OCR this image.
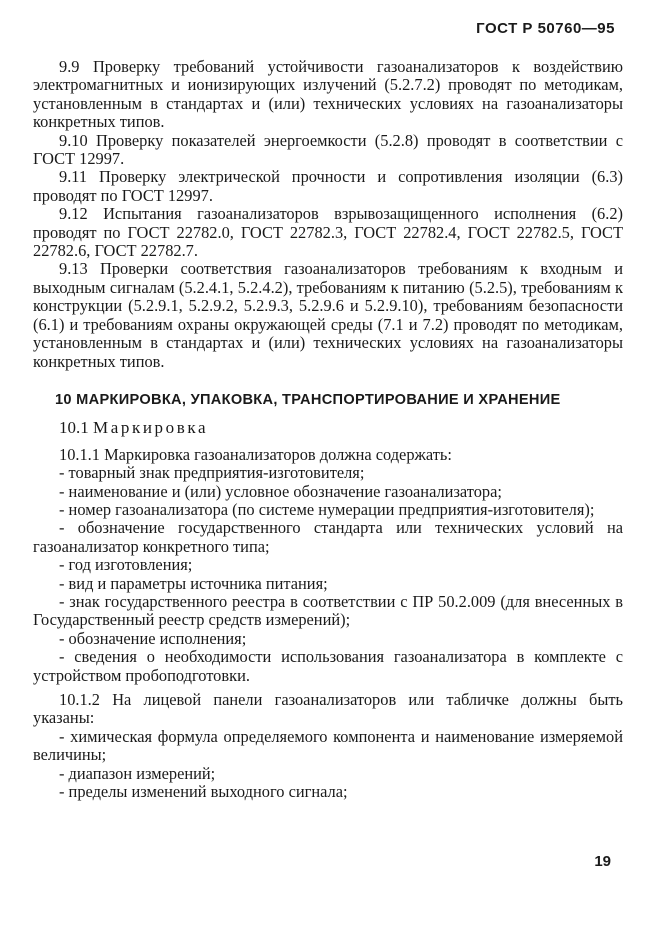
ГОСТ Р 50760—95

9.9 Проверку требований устойчивости газоанализаторов к воздействию электромагнитных и ионизирующих излучений (5.2.7.2) проводят по методикам, установленным в стандартах и (или) технических условиях на газоанализаторы конкретных типов.

9.10 Проверку показателей энергоемкости (5.2.8) проводят в соответствии с ГОСТ 12997.

9.11 Проверку электрической прочности и сопротивления изоляции (6.3) проводят по ГОСТ 12997.

9.12 Испытания газоанализаторов взрывозащищенного исполнения (6.2) проводят по ГОСТ 22782.0, ГОСТ 22782.3, ГОСТ 22782.4, ГОСТ 22782.5, ГОСТ 22782.6, ГОСТ 22782.7.

9.13 Проверки соответствия газоанализаторов требованиям к входным и выходным сигналам (5.2.4.1, 5.2.4.2), требованиям к питанию (5.2.5), требованиям к конструкции (5.2.9.1, 5.2.9.2, 5.2.9.3, 5.2.9.6 и 5.2.9.10), требованиям безопасности (6.1) и требованиям охраны окружающей среды (7.1 и 7.2) проводят по методикам, установленным в стандартах и (или) технических условиях на газоанализаторы конкретных типов.

10 МАРКИРОВКА, УПАКОВКА, ТРАНСПОРТИРОВАНИЕ И ХРАНЕНИЕ

10.1 Маркировка

10.1.1 Маркировка газоанализаторов должна содержать:

- товарный знак предприятия-изготовителя;

- наименование и (или) условное обозначение газоанализатора;

- номер газоанализатора (по системе нумерации предприятия-изготовителя);

- обозначение государственного стандарта или технических условий на газоанализатор конкретного типа;

- год изготовления;

- вид и параметры источника питания;

- знак государственного реестра в соответствии с ПР 50.2.009 (для внесенных в Государственный реестр средств измерений);

- обозначение исполнения;

- сведения о необходимости использования газоанализатора в комплекте с устройством пробоподготовки.

10.1.2 На лицевой панели газоанализаторов или табличке должны быть указаны:

- химическая формула определяемого компонента и наименование измеряемой величины;

- диапазон измерений;

- пределы изменений выходного сигнала;

19
